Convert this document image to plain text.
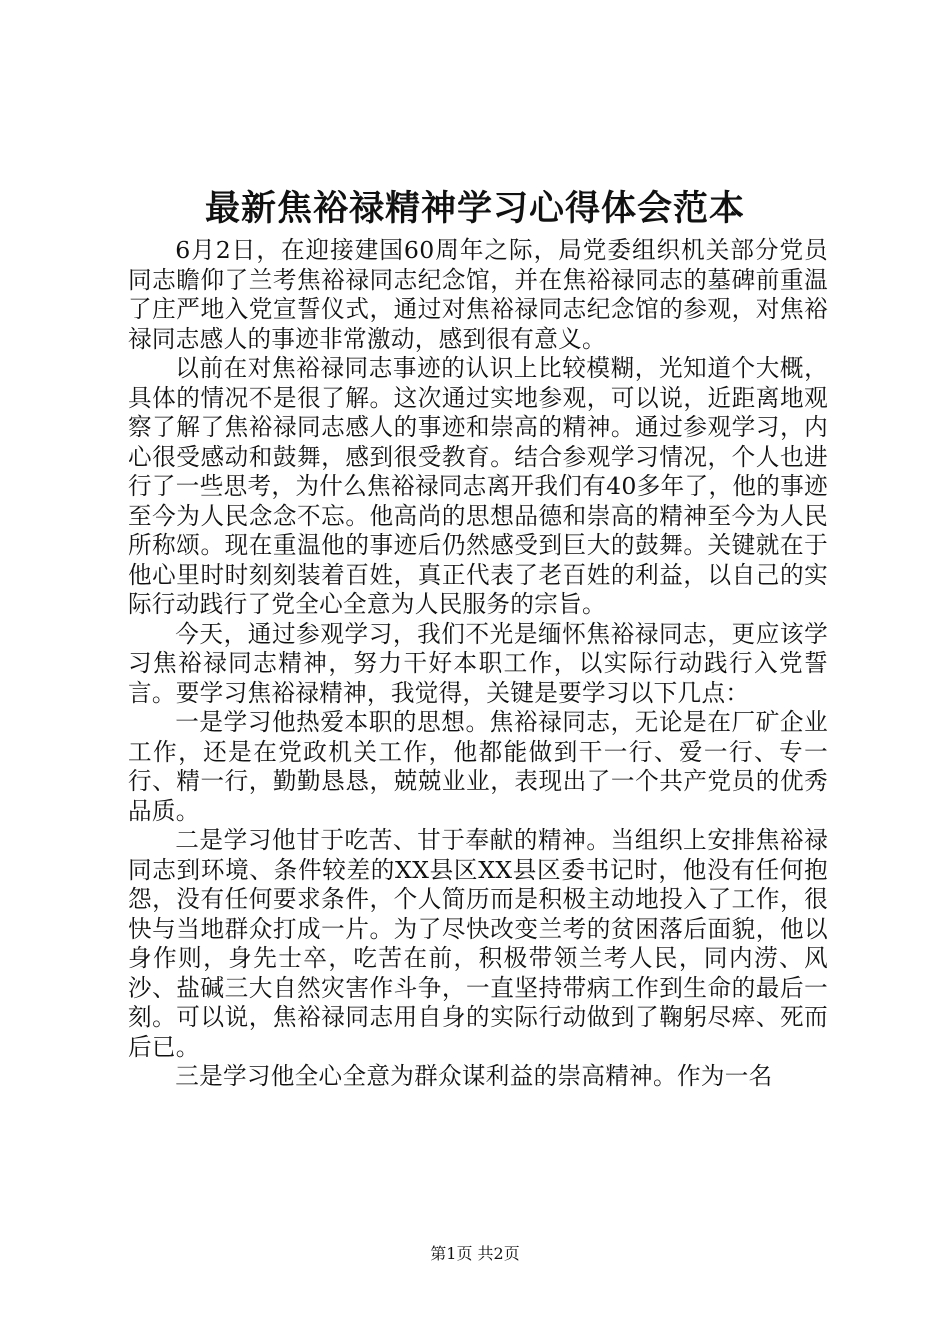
最新焦裕禄精神学习心得体会范本

6月2日，在迎接建国60周年之际，局党委组织机关部分党员同志瞻仰了兰考焦裕禄同志纪念馆，并在焦裕禄同志的墓碑前重温了庄严地入党宣誓仪式，通过对焦裕禄同志纪念馆的参观，对焦裕禄同志感人的事迹非常激动，感到很有意义。

以前在对焦裕禄同志事迹的认识上比较模糊，光知道个大概，具体的情况不是很了解。这次通过实地参观，可以说，近距离地观察了解了焦裕禄同志感人的事迹和崇高的精神。通过参观学习，内心很受感动和鼓舞，感到很受教育。结合参观学习情况，个人也进行了一些思考，为什么焦裕禄同志离开我们有40多年了，他的事迹至今为人民念念不忘。他高尚的思想品德和崇高的精神至今为人民所称颂。现在重温他的事迹后仍然感受到巨大的鼓舞。关键就在于他心里时时刻刻装着百姓，真正代表了老百姓的利益，以自己的实际行动践行了党全心全意为人民服务的宗旨。

今天，通过参观学习，我们不光是缅怀焦裕禄同志，更应该学习焦裕禄同志精神，努力干好本职工作，以实际行动践行入党誓言。要学习焦裕禄精神，我觉得，关键是要学习以下几点：

一是学习他热爱本职的思想。焦裕禄同志，无论是在厂矿企业工作，还是在党政机关工作，他都能做到干一行、爱一行、专一行、精一行，勤勤恳恳，兢兢业业，表现出了一个共产党员的优秀品质。

二是学习他甘于吃苦、甘于奉献的精神。当组织上安排焦裕禄同志到环境、条件较差的XX县区XX县区委书记时，他没有任何抱怨，没有任何要求条件，个人简历而是积极主动地投入了工作，很快与当地群众打成一片。为了尽快改变兰考的贫困落后面貌，他以身作则，身先士卒，吃苦在前，积极带领兰考人民，同内涝、风沙、盐碱三大自然灾害作斗争，一直坚持带病工作到生命的最后一刻。可以说，焦裕禄同志用自身的实际行动做到了鞠躬尽瘁、死而后已。

三是学习他全心全意为群众谋利益的崇高精神。作为一名

第1页 共2页
